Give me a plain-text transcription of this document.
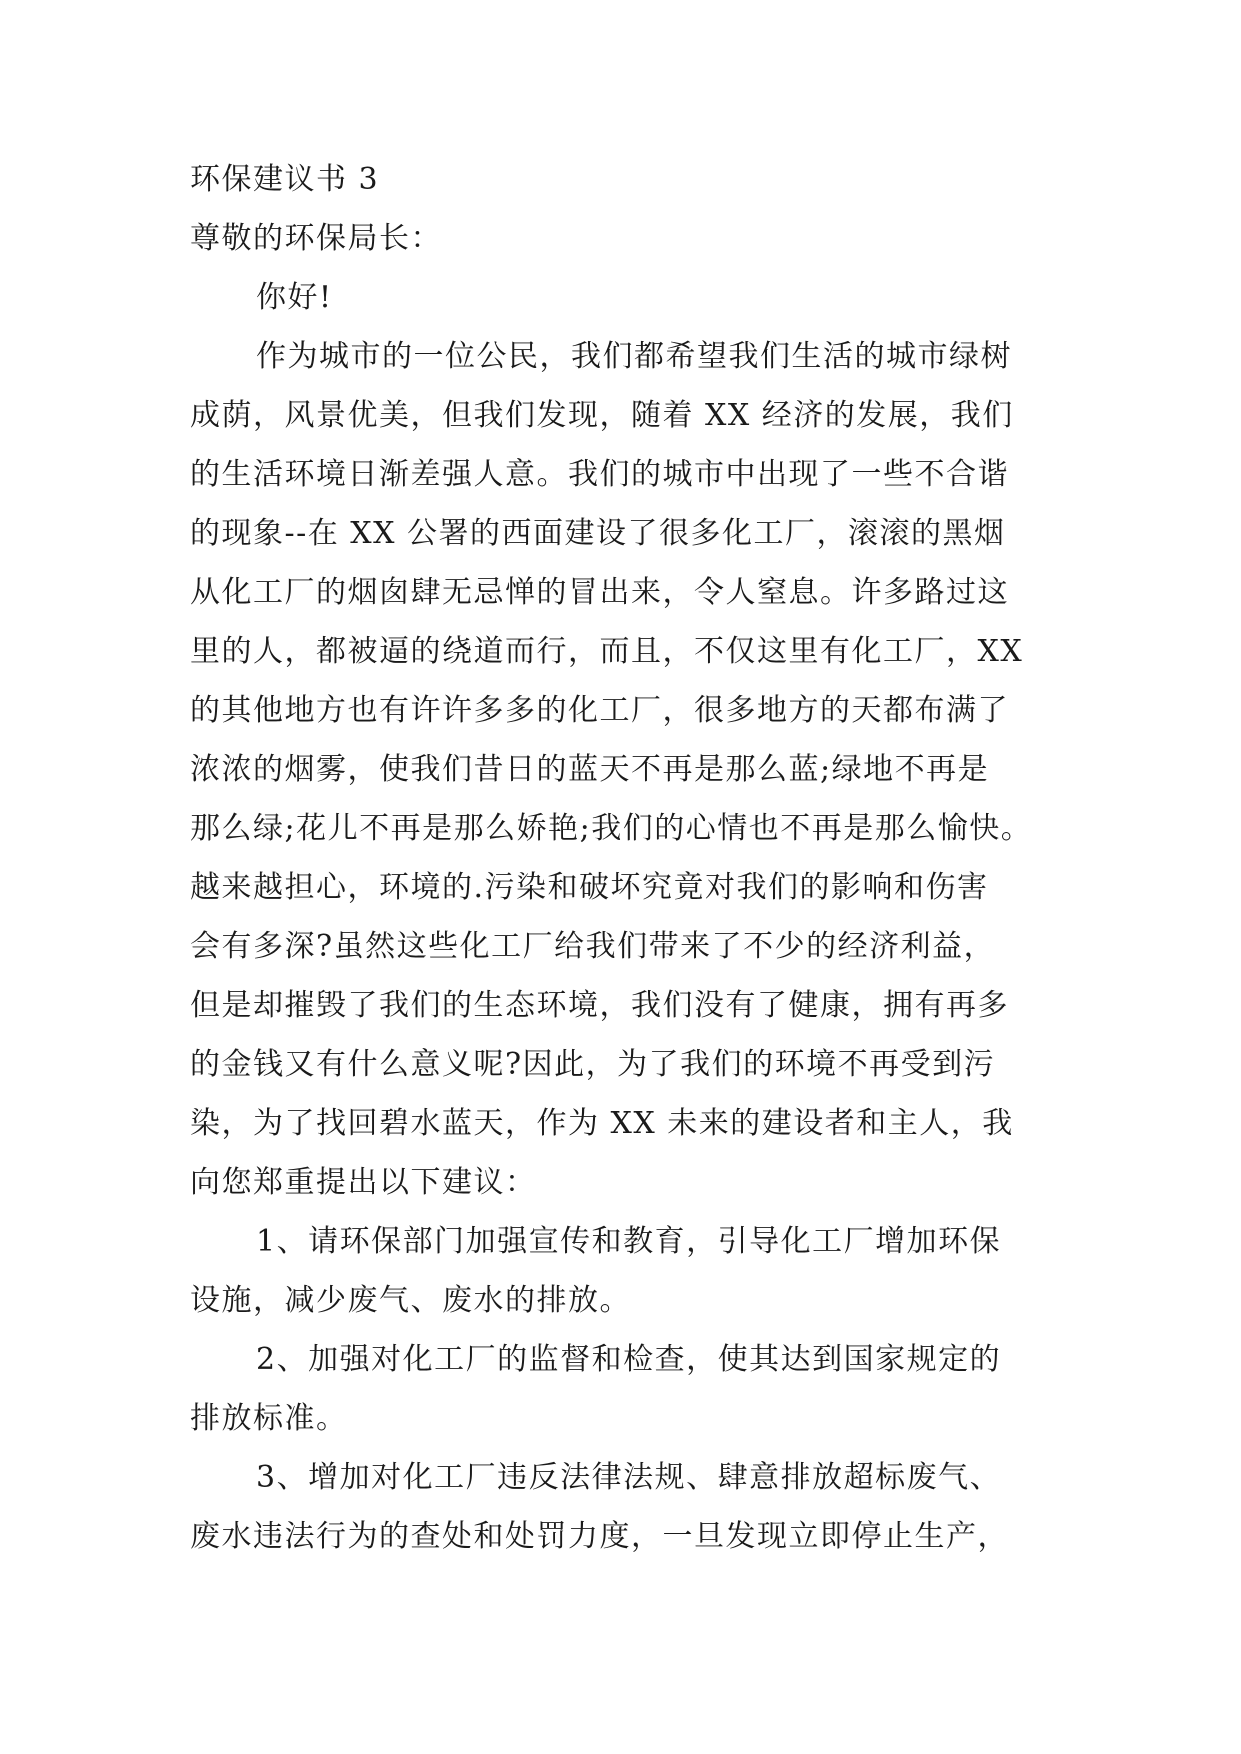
环保建议书 3
尊敬的环保局长：
你好!
作为城市的一位公民，我们都希望我们生活的城市绿树
成荫，风景优美，但我们发现，随着 XX 经济的发展，我们
的生活环境日渐差强人意。我们的城市中出现了一些不合谐
的现象--在 XX 公署的西面建设了很多化工厂，滚滚的黑烟
从化工厂的烟囱肆无忌惮的冒出来，令人窒息。许多路过这
里的人，都被逼的绕道而行，而且，不仅这里有化工厂，XX
的其他地方也有许许多多的化工厂，很多地方的天都布满了
浓浓的烟雾，使我们昔日的蓝天不再是那么蓝;绿地不再是
那么绿;花儿不再是那么娇艳;我们的心情也不再是那么愉快。
越来越担心，环境的.污染和破坏究竟对我们的影响和伤害
会有多深?虽然这些化工厂给我们带来了不少的经济利益，
但是却摧毁了我们的生态环境，我们没有了健康，拥有再多
的金钱又有什么意义呢?因此，为了我们的环境不再受到污
染，为了找回碧水蓝天，作为 XX 未来的建设者和主人，我
向您郑重提出以下建议：
1、请环保部门加强宣传和教育，引导化工厂增加环保
设施，减少废气、废水的排放。
2、加强对化工厂的监督和检查，使其达到国家规定的
排放标准。
3、增加对化工厂违反法律法规、肆意排放超标废气、
废水违法行为的查处和处罚力度，一旦发现立即停止生产，
